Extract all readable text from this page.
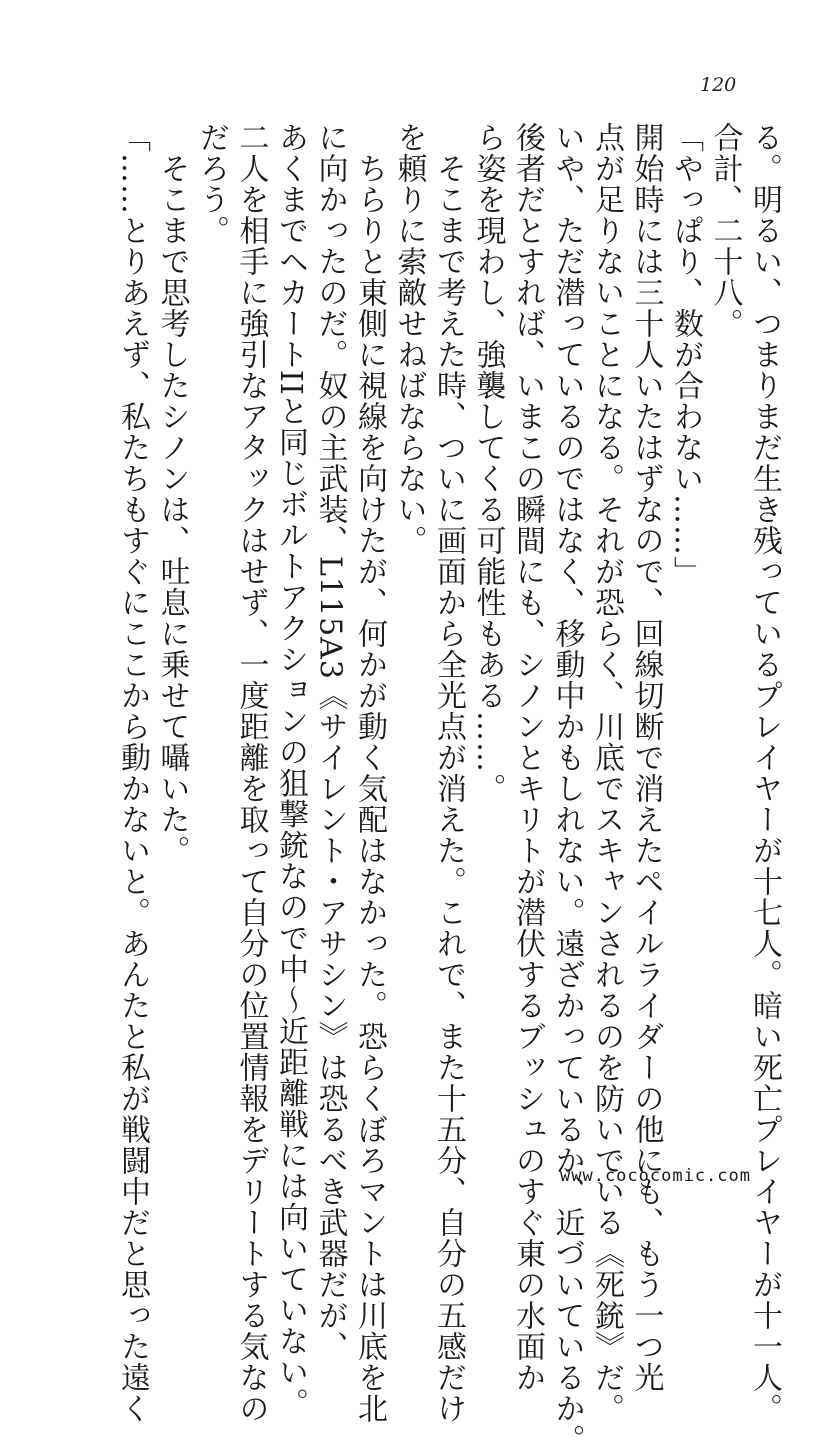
120
る。明るい、つまりまだ生き残っているプレイヤーが十七人。暗い死亡プレイヤーが十一人。
合計、二十八。
「やっぱり、数が合わない……」
開始時には三十人いたはずなので、回線切断で消えたペイルライダーの他にも、もう一つ光
点が足りないことになる。それが恐らく、川底でスキャンされるのを防いでいる《死銃》だ。
いや、ただ潜っているのではなく、移動中かもしれない。遠ざかっているか、近づいているか。
後者だとすれば、いまこの瞬間にも、シノンとキリトが潜伏するブッシュのすぐ東の水面か
ら姿を現わし、強襲してくる可能性もある……。
　そこまで考えた時、ついに画面から全光点が消えた。これで、また十五分、自分の五感だけ
を頼りに索敵せねばならない。
　ちらりと東側に視線を向けたが、何かが動く気配はなかった。恐らくぼろマントは川底を北
に向かったのだ。奴の主武装、L115A3《サイレント・アサシン》は恐るべき武器だが、
あくまでヘカートIIと同じボルトアクションの狙撃銃なので中〜近距離戦には向いていない。
二人を相手に強引なアタックはせず、一度距離を取って自分の位置情報をデリートする気なの
だろう。
　そこまで思考したシノンは、吐息に乗せて囁いた。
「……とりあえず、私たちもすぐにここから動かないと。あんたと私が戦闘中だと思った遠く	www.cococomic.com
